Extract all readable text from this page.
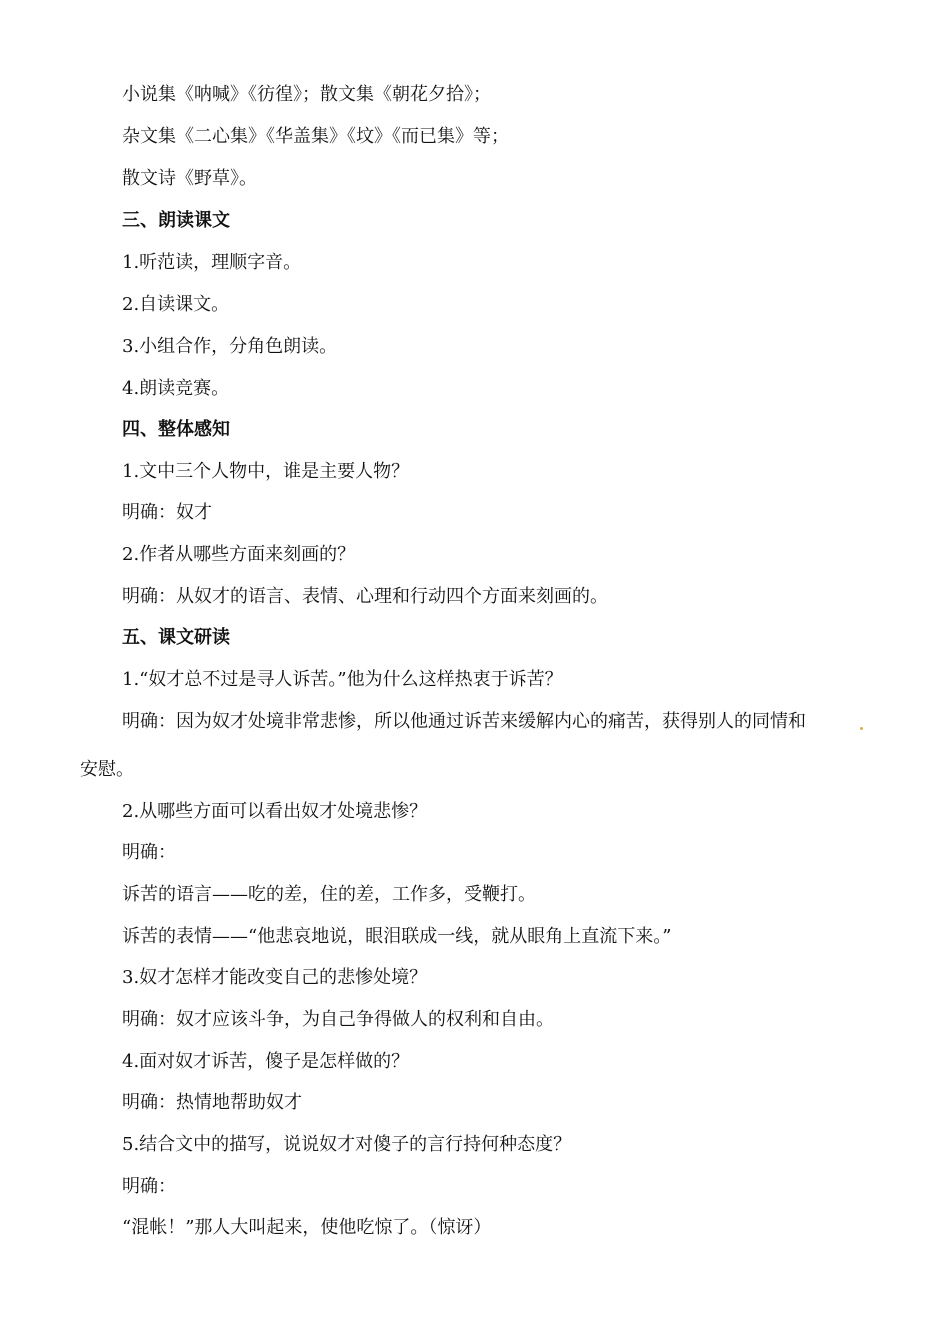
小说集《呐喊》《彷徨》；散文集《朝花夕拾》；
杂文集《二心集》《华盖集》《坟》《而已集》等；
散文诗《野草》。
三、朗读课文
1.听范读，理顺字音。
2.自读课文。
3.小组合作，分角色朗读。
4.朗读竞赛。
四、整体感知
1.文中三个人物中，谁是主要人物？
明确：奴才
2.作者从哪些方面来刻画的？
明确：从奴才的语言、表情、心理和行动四个方面来刻画的。
五、课文研读
1.“奴才总不过是寻人诉苦。”他为什么这样热衷于诉苦？
明确：因为奴才处境非常悲惨，所以他通过诉苦来缓解内心的痛苦，获得别人的同情和
安慰。
2.从哪些方面可以看出奴才处境悲惨？
明确：
诉苦的语言——吃的差，住的差，工作多，受鞭打。
诉苦的表情——“他悲哀地说，眼泪联成一线，就从眼角上直流下来。”
3.奴才怎样才能改变自己的悲惨处境？
明确：奴才应该斗争，为自己争得做人的权利和自由。
4.面对奴才诉苦，傻子是怎样做的？
明确：热情地帮助奴才
5.结合文中的描写，说说奴才对傻子的言行持何种态度？
明确：
“混帐！”那人大叫起来，使他吃惊了。（惊讶）
